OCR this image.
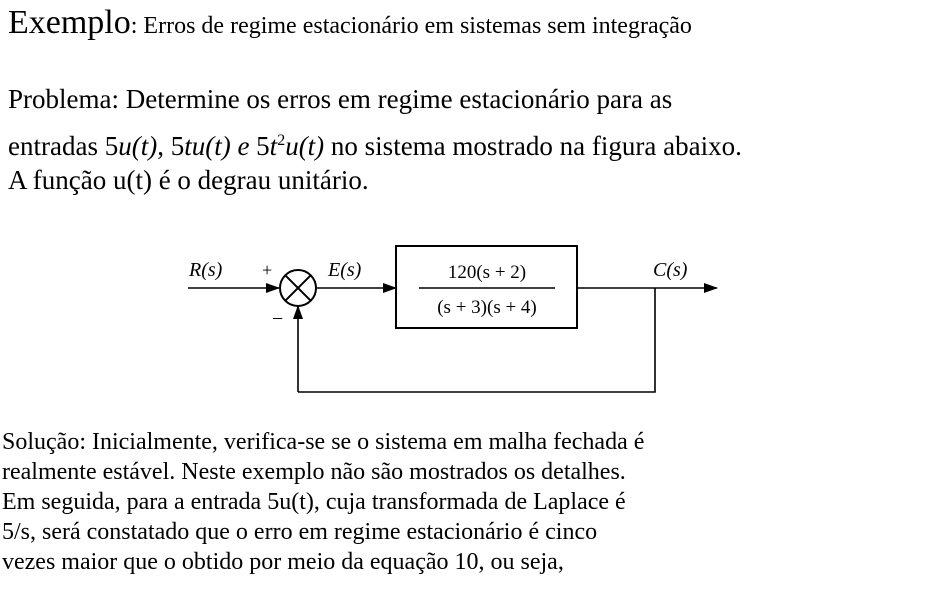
Exemplo: Erros de regime estacionário em sistemas sem integração
Problema: Determine os erros em regime estacionário para as
entradas 5u(t), 5tu(t) e $5t^2u(t)$ no sistema mostrado na figura abaixo.
A função u(t) é o degrau unitário.
R(s) +
−
E(s)	120(s + 2)
(s + 3)(s + 4)
C(s)
Solução: Inicialmente, verifica-se se o sistema em malha fechada é
realmente estável. Neste exemplo não são mostrados os detalhes.
Em seguida, para a entrada 5u(t), cuja transformada de Laplace é
5/s, será constatado que o erro em regime estacionário é cinco
vezes maior que o obtido por meio da equação 10, ou seja,
